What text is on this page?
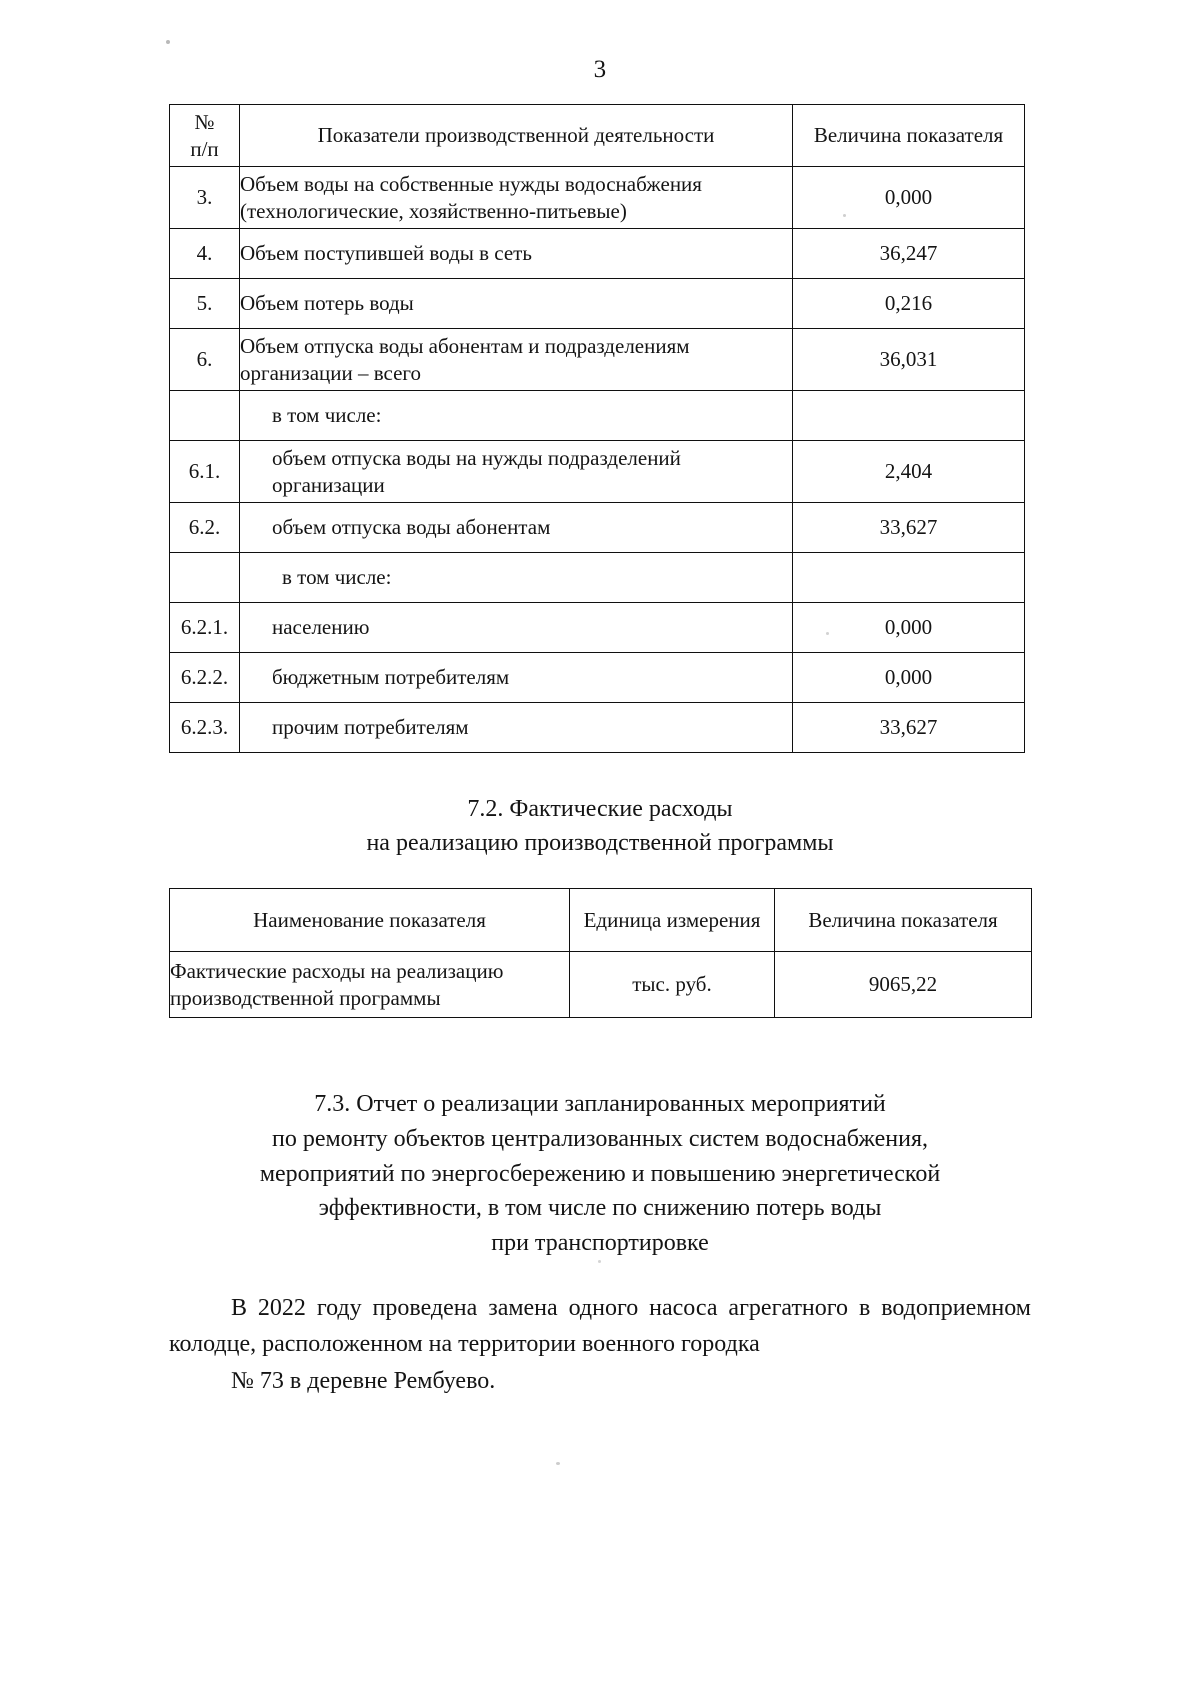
3
№
п/п	Показатели производственной деятельности	Величина показателя
3.	Объем воды на собственные нужды водоснабжения (технологические, хозяйственно-питьевые)	0,000
4.	Объем поступившей воды в сеть	36,247
5.	Объем потерь воды	0,216
6.	Объем отпуска воды абонентам и подразделениям организации – всего	36,031
	в том числе:	
6.1.	объем отпуска воды на нужды подразделений организации	2,404
6.2.	объем отпуска воды абонентам	33,627
	в том числе:	
6.2.1.	населению	0,000
6.2.2.	бюджетным потребителям	0,000
6.2.3.	прочим потребителям	33,627
7.2. Фактические расходы
на реализацию производственной программы
Наименование показателя	Единица измерения	Величина показателя
Фактические расходы на реализацию производственной программы	тыс. руб.	9065,22
7.3. Отчет о реализации запланированных мероприятий
по ремонту объектов централизованных систем водоснабжения,
мероприятий по энергосбережению и повышению энергетической
эффективности, в том числе по снижению потерь воды
при транспортировке
В 2022 году проведена замена одного насоса агрегатного в водоприемном колодце, расположенном на территории военного городка
№ 73 в деревне Рембуево.
